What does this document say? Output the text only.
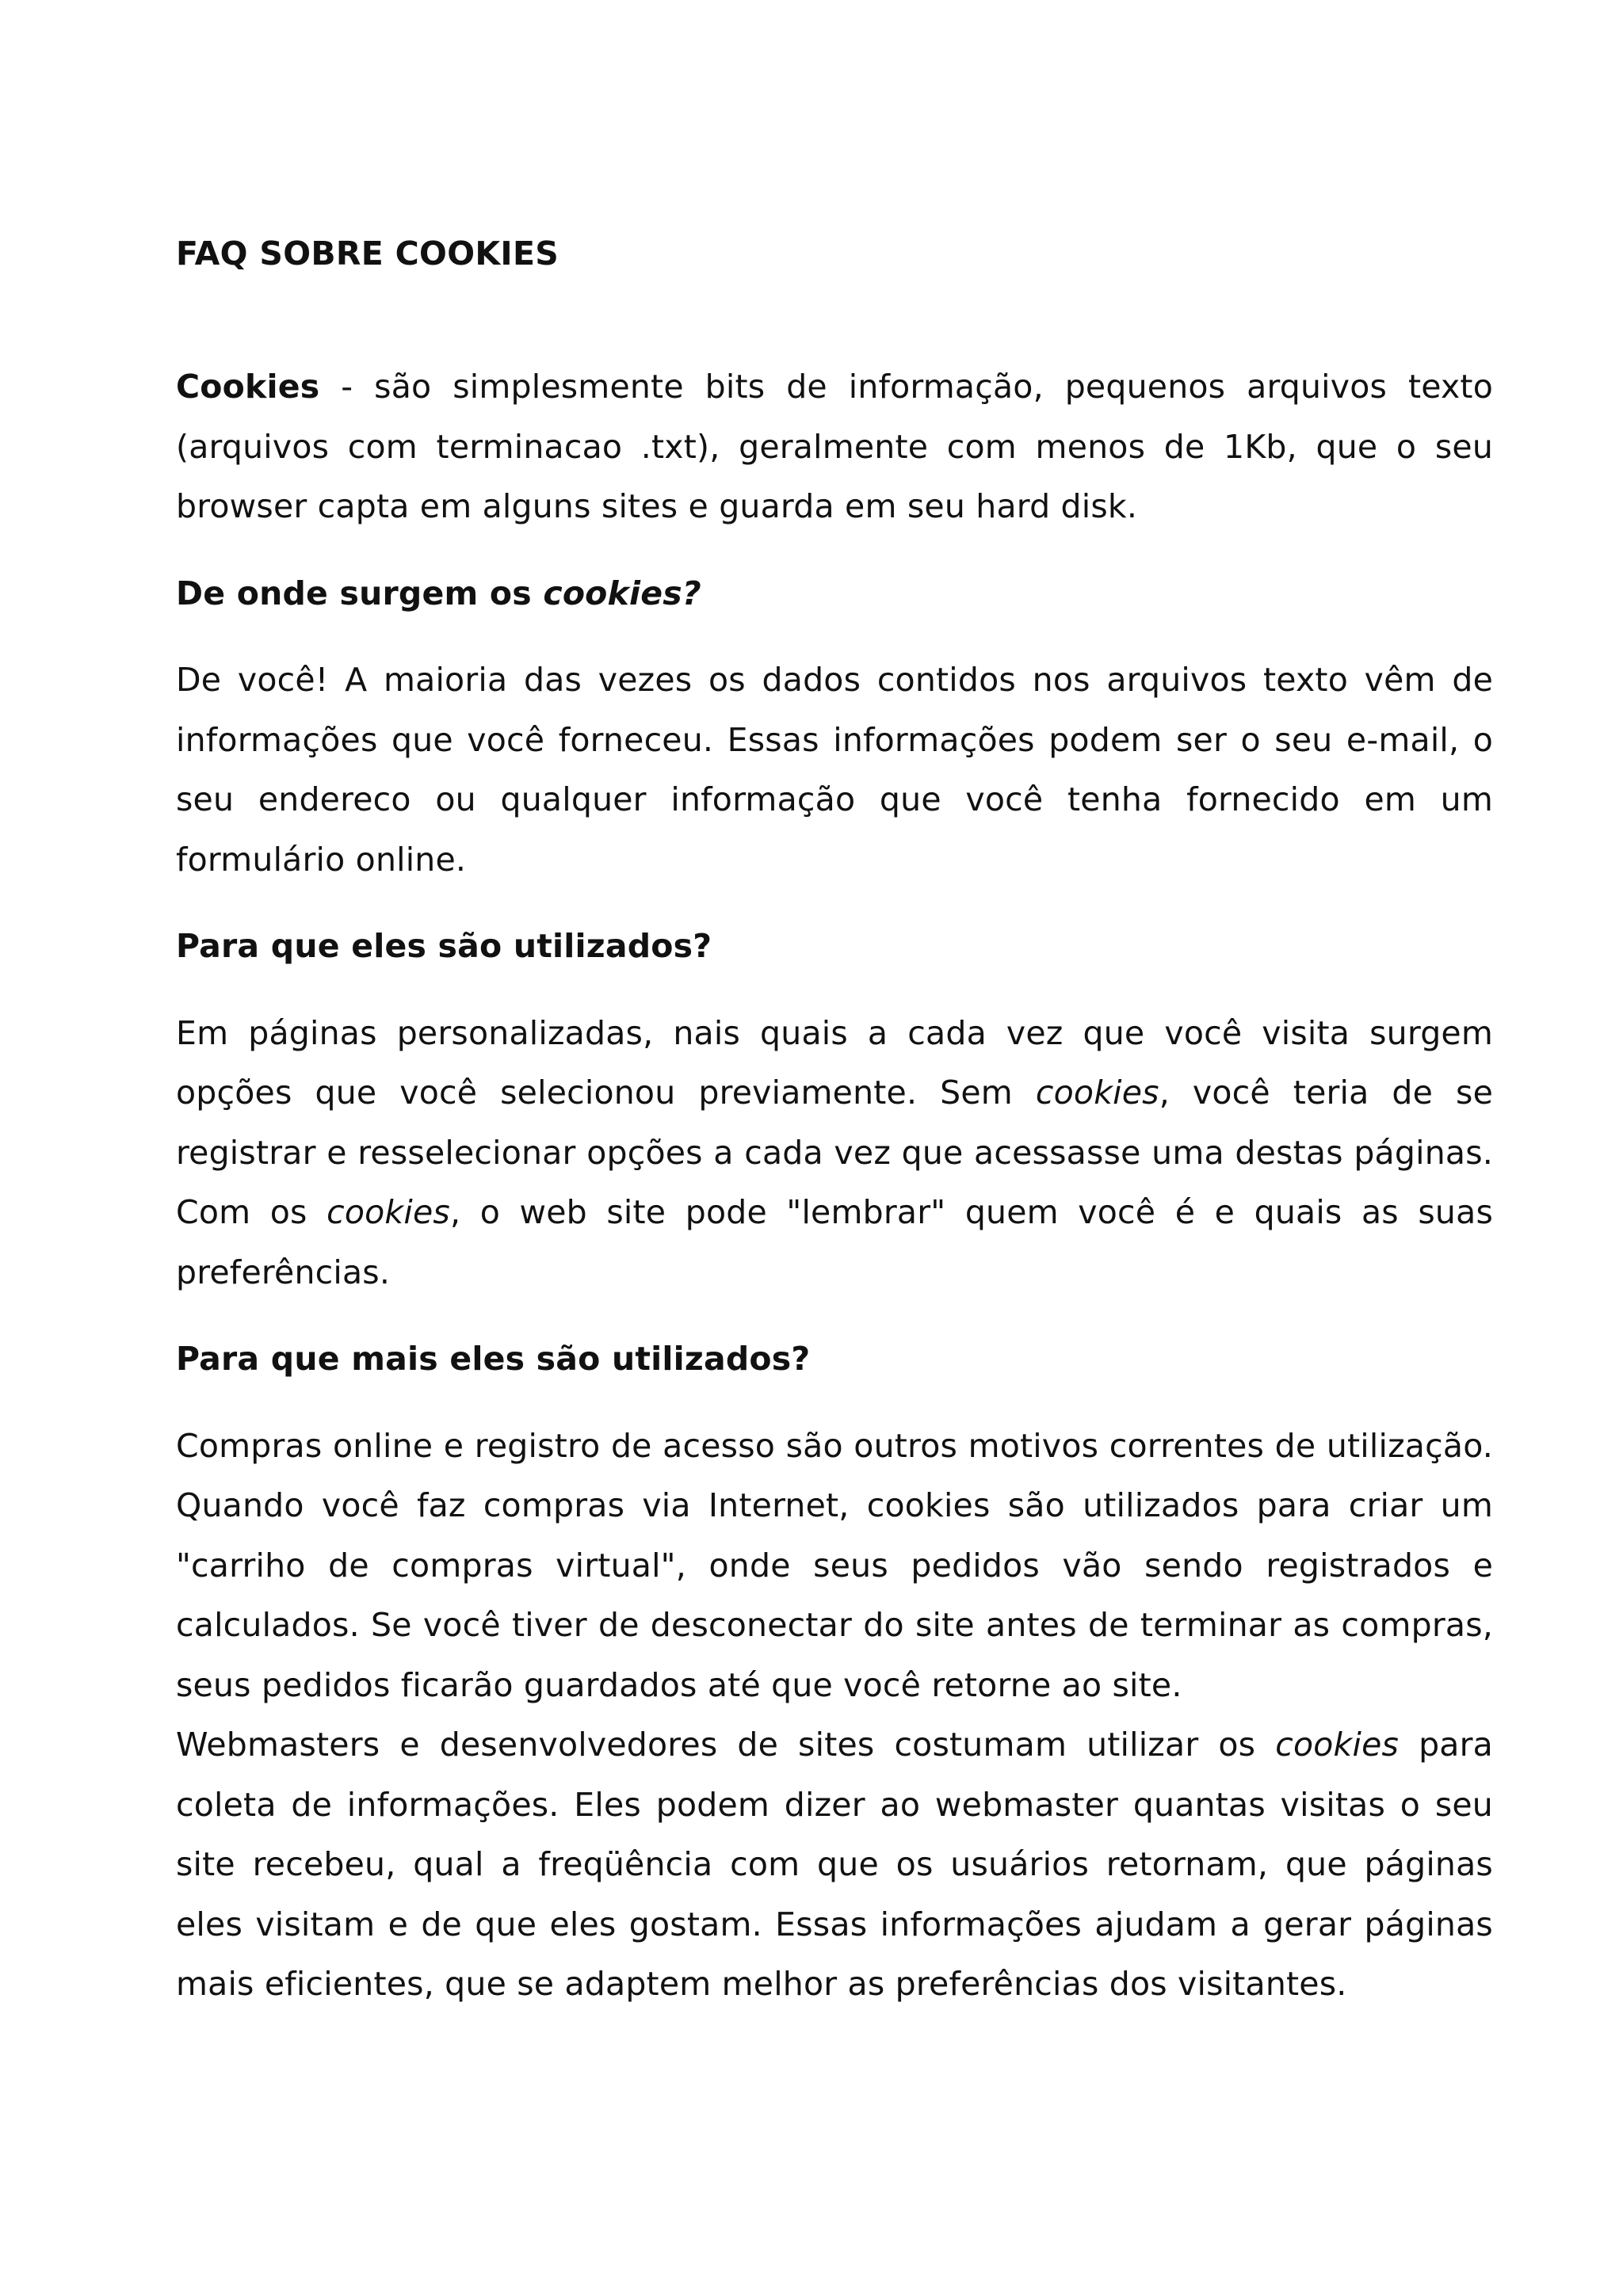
FAQ SOBRE COOKIES

Cookies - são simplesmente bits de informação, pequenos arquivos texto (arquivos com terminacao .txt), geralmente com menos de 1Kb, que o seu browser capta em alguns sites e guarda em seu hard disk.

De onde surgem os cookies?

De você! A maioria das vezes os dados contidos nos arquivos texto vêm de informações que você forneceu. Essas informações podem ser o seu e-mail, o seu endereco ou qualquer informação que você tenha fornecido em um formulário online.

Para que eles são utilizados?

Em páginas personalizadas, nais quais a cada vez que você visita surgem opções que você selecionou previamente. Sem cookies, você teria de se registrar e resselecionar opções a cada vez que acessasse uma destas páginas. Com os cookies, o web site pode "lembrar" quem você é e quais as suas preferências.

Para que mais eles são utilizados?

Compras online e registro de acesso são outros motivos correntes de utilização. Quando você faz compras via Internet, cookies são utilizados para criar um "carriho de compras virtual", onde seus pedidos vão sendo registrados e calculados. Se você tiver de desconectar do site antes de terminar as compras, seus pedidos ficarão guardados até que você retorne ao site.

Webmasters e desenvolvedores de sites costumam utilizar os cookies para coleta de informações. Eles podem dizer ao webmaster quantas visitas o seu site recebeu, qual a freqüência com que os usuários retornam, que páginas eles visitam e de que eles gostam. Essas informações ajudam a gerar páginas mais eficientes, que se adaptem melhor as preferências dos visitantes.
